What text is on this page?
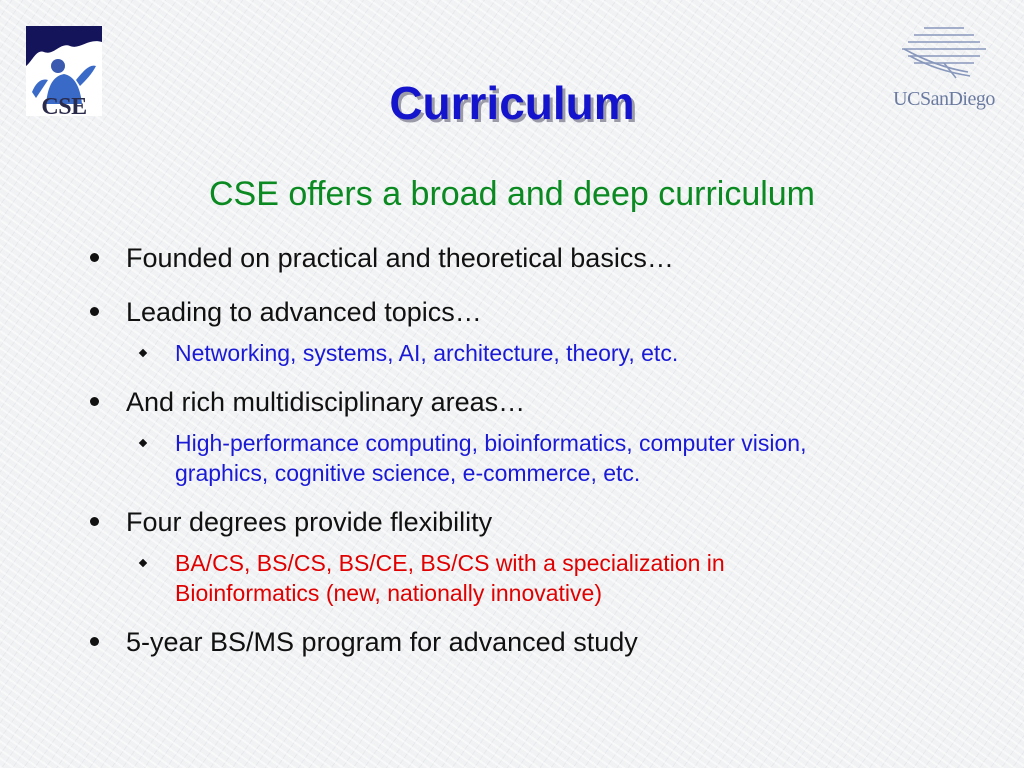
CSE	UCSanDiego
Curriculum
CSE offers a broad and deep curriculum
Founded on practical and theoretical basics…
Leading to advanced topics…
Networking, systems, AI, architecture, theory, etc.
And rich multidisciplinary areas…
High-performance computing, bioinformatics, computer vision, graphics, cognitive science, e-commerce, etc.
Four degrees provide flexibility
BA/CS, BS/CS, BS/CE, BS/CS with a specialization in Bioinformatics (new, nationally innovative)
5-year BS/MS program for advanced study
